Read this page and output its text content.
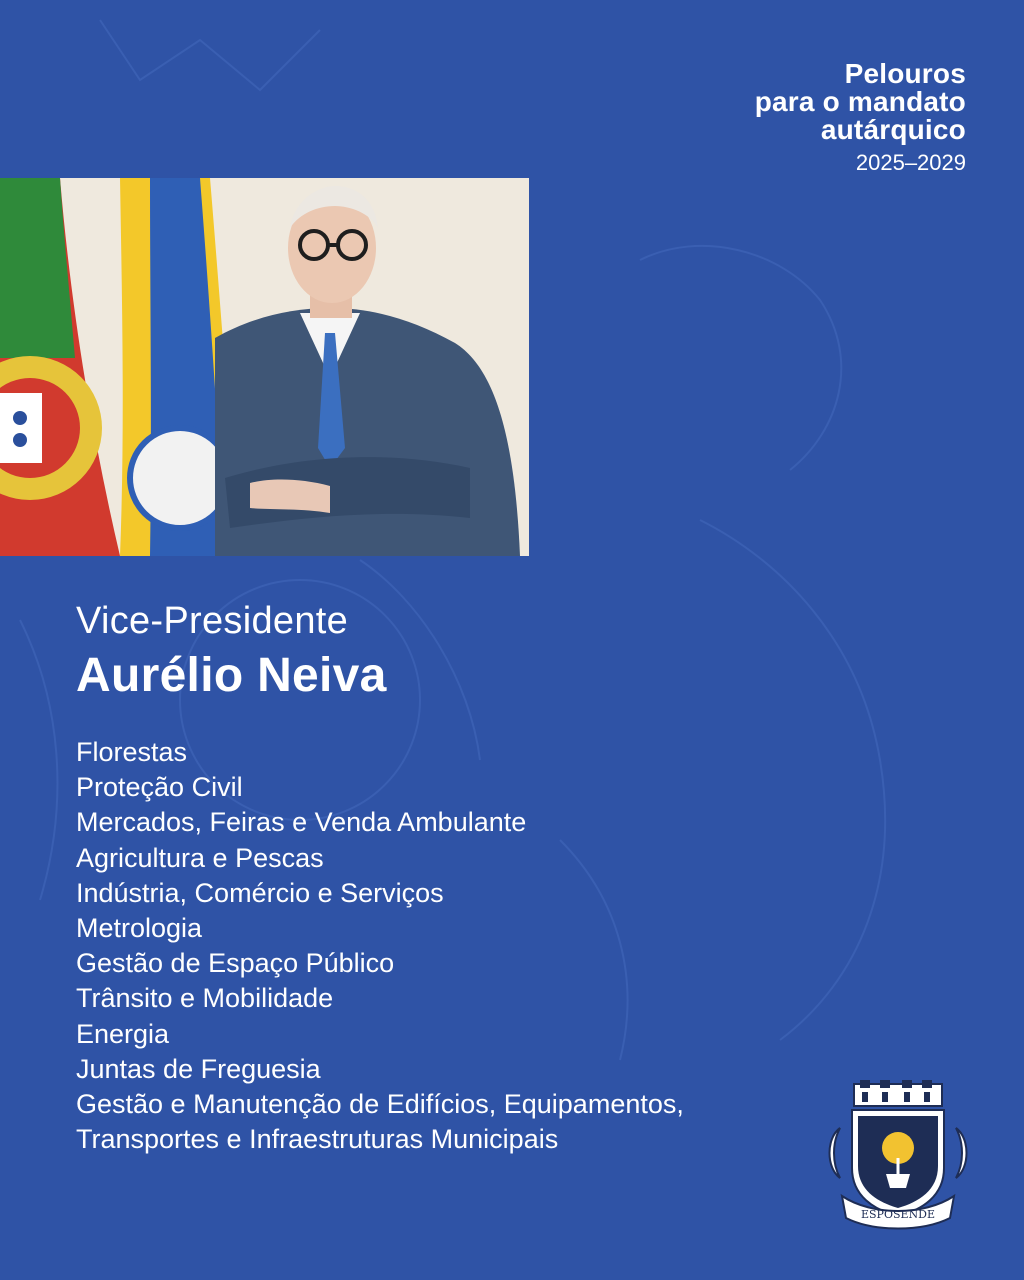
Pelouros
para o mandato
autárquico
2025–2029
Vice-Presidente
Aurélio Neiva
Florestas
Proteção Civil
Mercados, Feiras e Venda Ambulante
Agricultura e Pescas
Indústria, Comércio e Serviços
Metrologia
Gestão de Espaço Público
Trânsito e Mobilidade
Energia
Juntas de Freguesia
Gestão e Manutenção de Edifícios, Equipamentos,
Transportes e Infraestruturas Municipais
ESPOSENDE
